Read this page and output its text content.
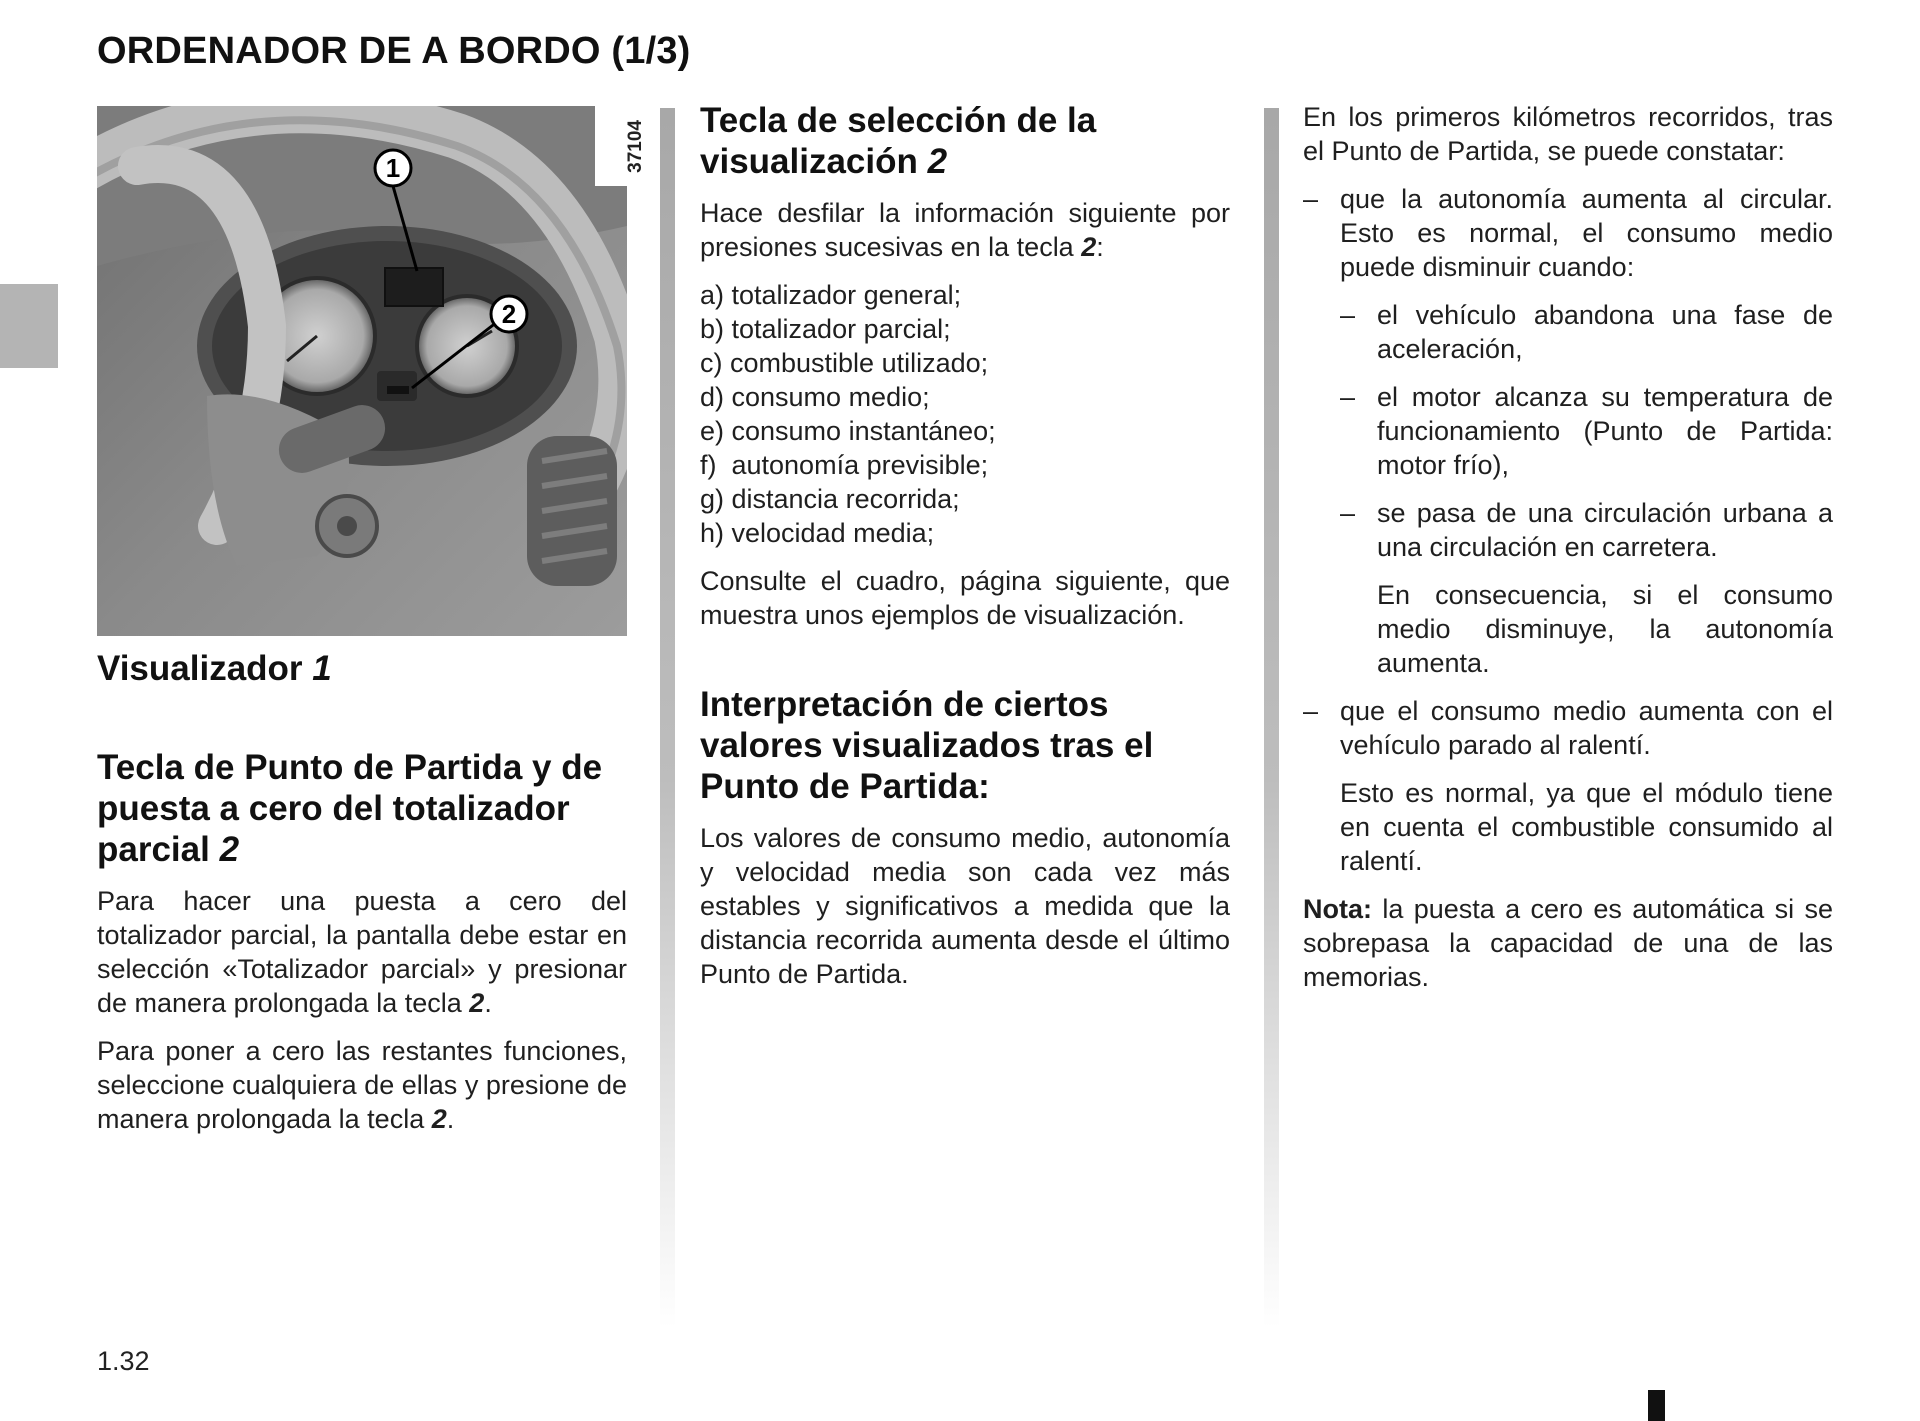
ORDENADOR DE A BORDO (1/3)
1
2
37104
Visualizador 1
Tecla de Punto de Partida y de puesta a cero del totalizador parcial 2

Para hacer una puesta a cero del totalizador parcial, la pantalla debe estar en selección «Totalizador parcial» y presionar de manera prolongada la tecla 2.

Para poner a cero las restantes funciones, seleccione cualquiera de ellas y presione de manera prolongada la tecla 2.

Tecla de selección de la visualización 2

Hace desfilar la información siguiente por presiones sucesivas en la tecla 2:

a) totalizador general;
b) totalizador parcial;
c) combustible utilizado;
d) consumo medio;
e) consumo instantáneo;
f)  autonomía previsible;
g) distancia recorrida;
h) velocidad media;

Consulte el cuadro, página siguiente, que muestra unos ejemplos de visualización.

Interpretación de ciertos valores visualizados tras el Punto de Partida:

Los valores de consumo medio, autonomía y velocidad media son cada vez más estables y significativos a medida que la distancia recorrida aumenta desde el último Punto de Partida.

En los primeros kilómetros recorridos, tras el Punto de Partida, se puede constatar:

– que la autonomía aumenta al circular. Esto es normal, el consumo medio puede disminuir cuando:
– el vehículo abandona una fase de aceleración,
– el motor alcanza su temperatura de funcionamiento (Punto de Partida: motor frío),
– se pasa de una circulación urbana a una circulación en carretera.
En consecuencia, si el consumo medio disminuye, la autonomía aumenta.
– que el consumo medio aumenta con el vehículo parado al ralentí.
Esto es normal, ya que el módulo tiene en cuenta el combustible consumido al ralentí.

Nota: la puesta a cero es automática si se sobrepasa la capacidad de una de las memorias.

1.32
